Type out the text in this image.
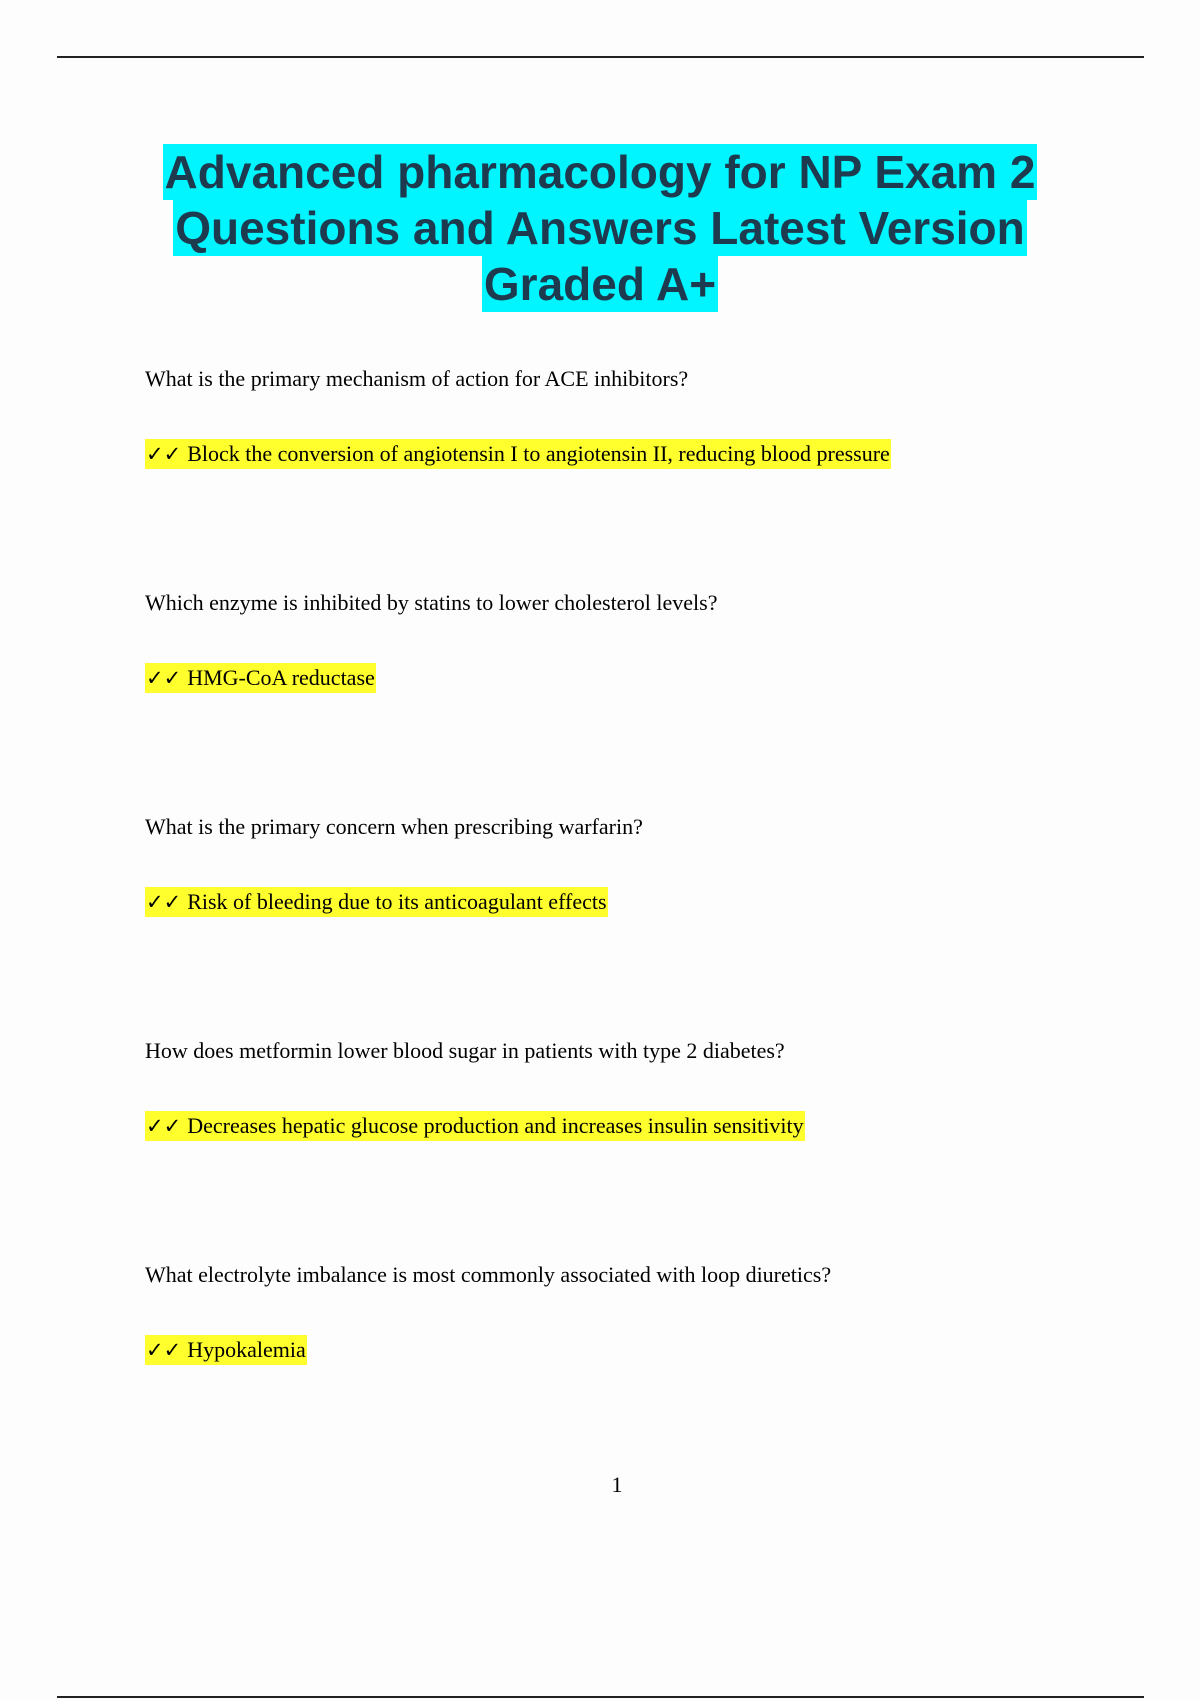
Advanced pharmacology for NP Exam 2
Questions and Answers Latest Version
Graded A+
What is the primary mechanism of action for ACE inhibitors?
✓✓ Block the conversion of angiotensin I to angiotensin II, reducing blood pressure
Which enzyme is inhibited by statins to lower cholesterol levels?
✓✓ HMG-CoA reductase
What is the primary concern when prescribing warfarin?
✓✓ Risk of bleeding due to its anticoagulant effects
How does metformin lower blood sugar in patients with type 2 diabetes?
✓✓ Decreases hepatic glucose production and increases insulin sensitivity
What electrolyte imbalance is most commonly associated with loop diuretics?
✓✓ Hypokalemia
1
